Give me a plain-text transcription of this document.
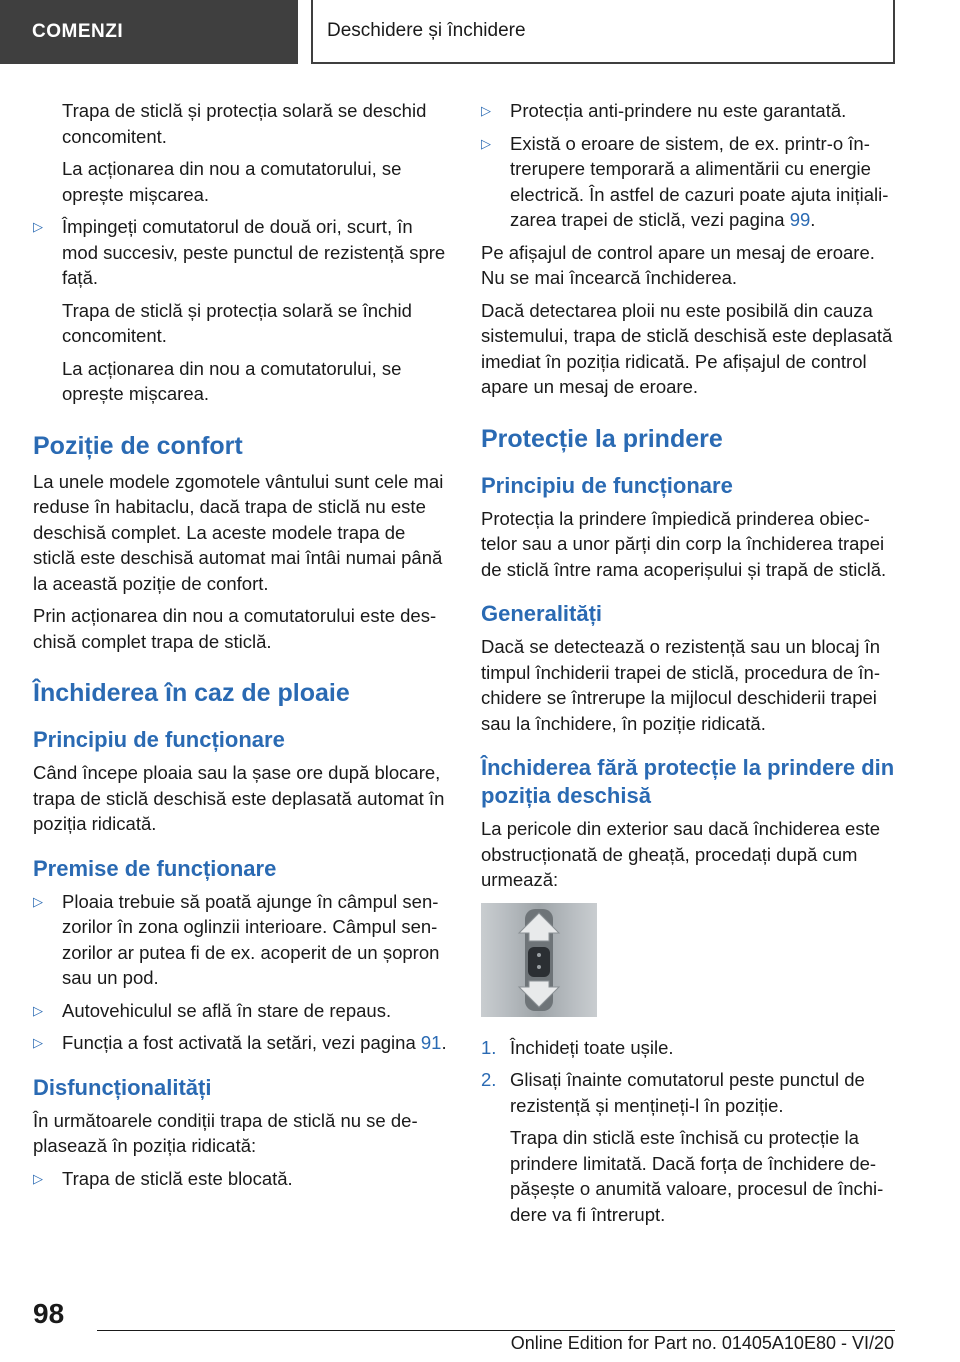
COMENZI	Deschidere și închidere

Trapa de sticlă și protecția solară se deschid concomitent.

La acționarea din nou a comutatorului, se oprește mișcarea.

▷	Împingeți comutatorul de două ori, scurt, în mod succesiv, peste punctul de rezistență spre față.

Trapa de sticlă și protecția solară se închid concomitent.

La acționarea din nou a comutatorului, se oprește mișcarea.

Poziție de confort

La unele modele zgomotele vântului sunt cele mai reduse în habitaclu, dacă trapa de sticlă nu este deschisă complet. La aceste modele trapa de sticlă este deschisă automat mai întâi numai până la această poziție de confort.

Prin acționarea din nou a comutatorului este deschisă complet trapa de sticlă.

Închiderea în caz de ploaie
Principiu de funcționare

Când începe ploaia sau la șase ore după blocare, trapa de sticlă deschisă este deplasată automat în poziția ridicată.

Premise de funcționare
▷	Ploaia trebuie să poată ajunge în câmpul senzorilor în zona oglinzii interioare. Câmpul senzorilor ar putea fi de ex. acoperit de un șopron sau un pod.
▷	Autovehiculul se află în stare de repaus.
▷	Funcția a fost activată la setări, vezi pagina 91.
Disfuncționalități

În următoarele condiții trapa de sticlă nu se deplasează în poziția ridicată:

▷	Trapa de sticlă este blocată.
▷	Protecția anti-prindere nu este garantată.
▷	Există o eroare de sistem, de ex. printr-o întrerupere temporară a alimentării cu energie electrică. În astfel de cazuri poate ajuta inițializarea trapei de sticlă, vezi pagina 99.

Pe afișajul de control apare un mesaj de eroare. Nu se mai încearcă închiderea.

Dacă detectarea ploii nu este posibilă din cauza sistemului, trapa de sticlă deschisă este deplasată imediat în poziția ridicată. Pe afișajul de control apare un mesaj de eroare.

Protecție la prindere
Principiu de funcționare

Protecția la prindere împiedică prinderea obiectelor sau a unor părți din corp la închiderea trapei de sticlă între rama acoperișului și trapă de sticlă.

Generalități

Dacă se detectează o rezistență sau un blocaj în timpul închiderii trapei de sticlă, procedura de închidere se întrerupe la mijlocul deschiderii trapei sau la închidere, în poziție ridicată.

Închiderea fără protecție la prindere din poziția deschisă

La pericole din exterior sau dacă închiderea este obstrucționată de gheață, procedați după cum urmează:

1. Închideți toate ușile.
2. Glisați înainte comutatorul peste punctul de rezistență și mențineți-l în poziție.

Trapa din sticlă este închisă cu protecție la prindere limitată. Dacă forța de închidere depășește o anumită valoare, procesul de închidere va fi întrerupt.

98
Online Edition for Part no. 01405A10E80 - VI/20
